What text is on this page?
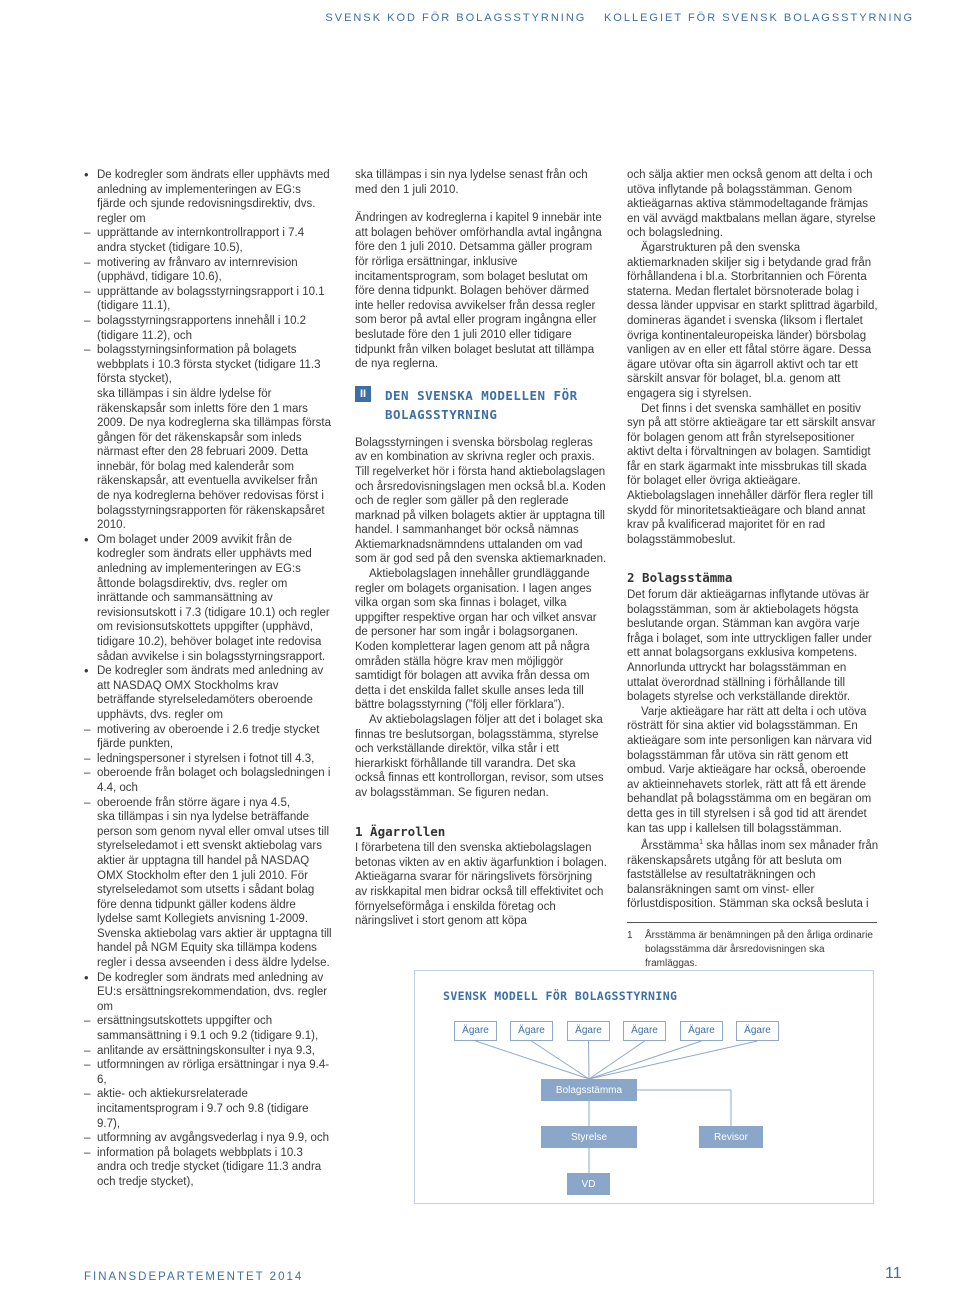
SVENSK KOD FÖR BOLAGSSTYRNING   KOLLEGIET FÖR SVENSK BOLAGSSTYRNING
• De kodregler som ändrats eller upphävts med anledning av implementeringen av EG:s fjärde och sjunde redovisningsdirektiv, dvs. regler om
– upprättande av internkontrollrapport i 7.4 andra stycket (tidigare 10.5),
– motivering av frånvaro av internrevision (upphävd, tidigare 10.6),
– upprättande av bolagsstyrningsrapport i 10.1 (tidigare 11.1),
– bolagsstyrningsrapportens innehåll i 10.2 (tidigare 11.2), och
– bolagsstyrningsinformation på bolagets webbplats i 10.3 första stycket (tidigare 11.3 första stycket),
ska tillämpas i sin äldre lydelse för räkenskapsår som inletts före den 1 mars 2009. De nya kodreglerna ska tillämpas första gången för det räkenskapsår som inleds närmast efter den 28 februari 2009. Detta innebär, för bolag med kalenderår som räkenskapsår, att eventuella avvikelser från de nya kodreglerna behöver redovisas först i bolagsstyrningsrapporten för räkenskapsåret 2010.
• Om bolaget under 2009 avvikit från de kodregler som ändrats eller upphävts med anledning av implementeringen av EG:s åttonde bolagsdirektiv, dvs. regler om inrättande och sammansättning av revisionsutskott i 7.3 (tidigare 10.1) och regler om revisionsutskottets uppgifter (upphävd, tidigare 10.2), behöver bolaget inte redovisa sådan avvikelse i sin bolagsstyrningsrapport.
• De kodregler som ändrats med anledning av att NASDAQ OMX Stockholms krav beträffande styrelseledamöters oberoende upphävts, dvs. regler om
– motivering av oberoende i 2.6 tredje stycket fjärde punkten,
– ledningspersoner i styrelsen i fotnot till 4.3,
– oberoende från bolaget och bolagsledningen i 4.4, och
– oberoende från större ägare i nya 4.5,
ska tillämpas i sin nya lydelse beträffande person som genom nyval eller omval utses till styrelseledamot i ett svenskt aktiebolag vars aktier är upptagna till handel på NASDAQ OMX Stockholm efter den 1 juli 2010. För styrelseledamot som utsetts i sådant bolag före denna tidpunkt gäller kodens äldre lydelse samt Kollegiets anvisning 1-2009. Svenska aktiebolag vars aktier är upptagna till handel på NGM Equity ska tillämpa kodens regler i dessa avseenden i dess äldre lydelse.
• De kodregler som ändrats med anledning av EU:s ersättningsrekommendation, dvs. regler om
– ersättningsutskottets uppgifter och sammansättning i 9.1 och 9.2 (tidigare 9.1),
– anlitande av ersättningskonsulter i nya 9.3,
– utformningen av rörliga ersättningar i nya 9.4-6,
– aktie- och aktiekursrelaterade incitamentsprogram i 9.7 och 9.8 (tidigare 9.7),
– utformning av avgångsvederlag i nya 9.9, och
– information på bolagets webbplats i 10.3 andra och tredje stycket (tidigare 11.3 andra och tredje stycket),

ska tillämpas i sin nya lydelse senast från och med den 1 juli 2010.

Ändringen av kodreglerna i kapitel 9 innebär inte att bolagen behöver omförhandla avtal ingångna före den 1 juli 2010. Detsamma gäller program för rörliga ersättningar, inklusive incitamentsprogram, som bolaget beslutat om före denna tidpunkt. Bolagen behöver därmed inte heller redovisa avvikelser från dessa regler som beror på avtal eller program ingångna eller beslutade före den 1 juli 2010 eller tidigare tidpunkt från vilken bolaget beslutat att tillämpa de nya reglerna.

II	DEN SVENSKA MODELLEN FÖR BOLAGSSTYRNING

Bolagsstyrningen i svenska börsbolag regleras av en kombination av skrivna regler och praxis. Till regelverket hör i första hand aktiebolagslagen och årsredovisningslagen men också bl.a. Koden och de regler som gäller på den reglerade marknad på vilken bolagets aktier är upptagna till handel. I sammanhanget bör också nämnas Aktiemarknadsnämndens uttalanden om vad som är god sed på den svenska aktiemarknaden.

Aktiebolagslagen innehåller grundläggande regler om bolagets organisation. I lagen anges vilka organ som ska finnas i bolaget, vilka uppgifter respektive organ har och vilket ansvar de personer har som ingår i bolagsorganen. Koden kompletterar lagen genom att på några områden ställa högre krav men möjliggör samtidigt för bolagen att avvika från dessa om detta i det enskilda fallet skulle anses leda till bättre bolagsstyrning (”följ eller förklara”).

Av aktiebolagslagen följer att det i bolaget ska finnas tre beslutsorgan, bolagsstämma, styrelse och verkställande direktör, vilka står i ett hierarkiskt förhållande till varandra. Det ska också finnas ett kontrollorgan, revisor, som utses av bolagsstämman. Se figuren nedan.

1 Ägarrollen

I förarbetena till den svenska aktiebolagslagen betonas vikten av en aktiv ägarfunktion i bolagen. Aktieägarna svarar för näringslivets försörjning av riskkapital men bidrar också till effektivitet och förnyelseförmåga i enskilda företag och näringslivet i stort genom att köpa

och sälja aktier men också genom att delta i och utöva inflytande på bolagsstämman. Genom aktieägarnas aktiva stämmodeltagande främjas en väl avvägd maktbalans mellan ägare, styrelse och bolagsledning.

Ägarstrukturen på den svenska aktiemarknaden skiljer sig i betydande grad från förhållandena i bl.a. Storbritannien och Förenta staterna. Medan flertalet börsnoterade bolag i dessa länder uppvisar en starkt splittrad ägarbild, domineras ägandet i svenska (liksom i flertalet övriga kontinentaleuropeiska länder) börsbolag vanligen av en eller ett fåtal större ägare. Dessa ägare utövar ofta sin ägarroll aktivt och tar ett särskilt ansvar för bolaget, bl.a. genom att engagera sig i styrelsen.

Det finns i det svenska samhället en positiv syn på att större aktieägare tar ett särskilt ansvar för bolagen genom att från styrelsepositioner aktivt delta i förvaltningen av bolagen. Samtidigt får en stark ägarmakt inte missbrukas till skada för bolaget eller övriga aktieägare. Aktiebolagslagen innehåller därför flera regler till skydd för minoritetsaktieägare och bland annat krav på kvalificerad majoritet för en rad bolagsstämmobeslut.

2 Bolagsstämma

Det forum där aktieägarnas inflytande utövas är bolagsstämman, som är aktiebolagets högsta beslutande organ. Stämman kan avgöra varje fråga i bolaget, som inte uttryckligen faller under ett annat bolagsorgans exklusiva kompetens. Annorlunda uttryckt har bolagsstämman en uttalat överordnad ställning i förhållande till bolagets styrelse och verkställande direktör.

Varje aktieägare har rätt att delta i och utöva rösträtt för sina aktier vid bolagsstämman. En aktieägare som inte personligen kan närvara vid bolagsstämman får utöva sin rätt genom ett ombud. Varje aktieägare har också, oberoende av aktieinnehavets storlek, rätt att få ett ärende behandlat på bolagsstämma om en begäran om detta ges in till styrelsen i så god tid att ärendet kan tas upp i kallelsen till bolagsstämman.

Årsstämma$^1$ ska hållas inom sex månader från räkenskapsårets utgång för att besluta om fastställelse av resultaträkningen och balansräkningen samt om vinst- eller förlustdisposition. Stämman ska också besluta i

1	Årsstämma är benämningen på den årliga ordinarie bolagsstämma där årsredovisningen ska framläggas.
SVENSK MODELL FÖR BOLAGSSTYRNING
Ägare	Ägare	Ägare	Ägare	Ägare	Ägare
Bolagsstämma
Styrelse	Revisor
VD
FINANSDEPARTEMENTET 2014	11
